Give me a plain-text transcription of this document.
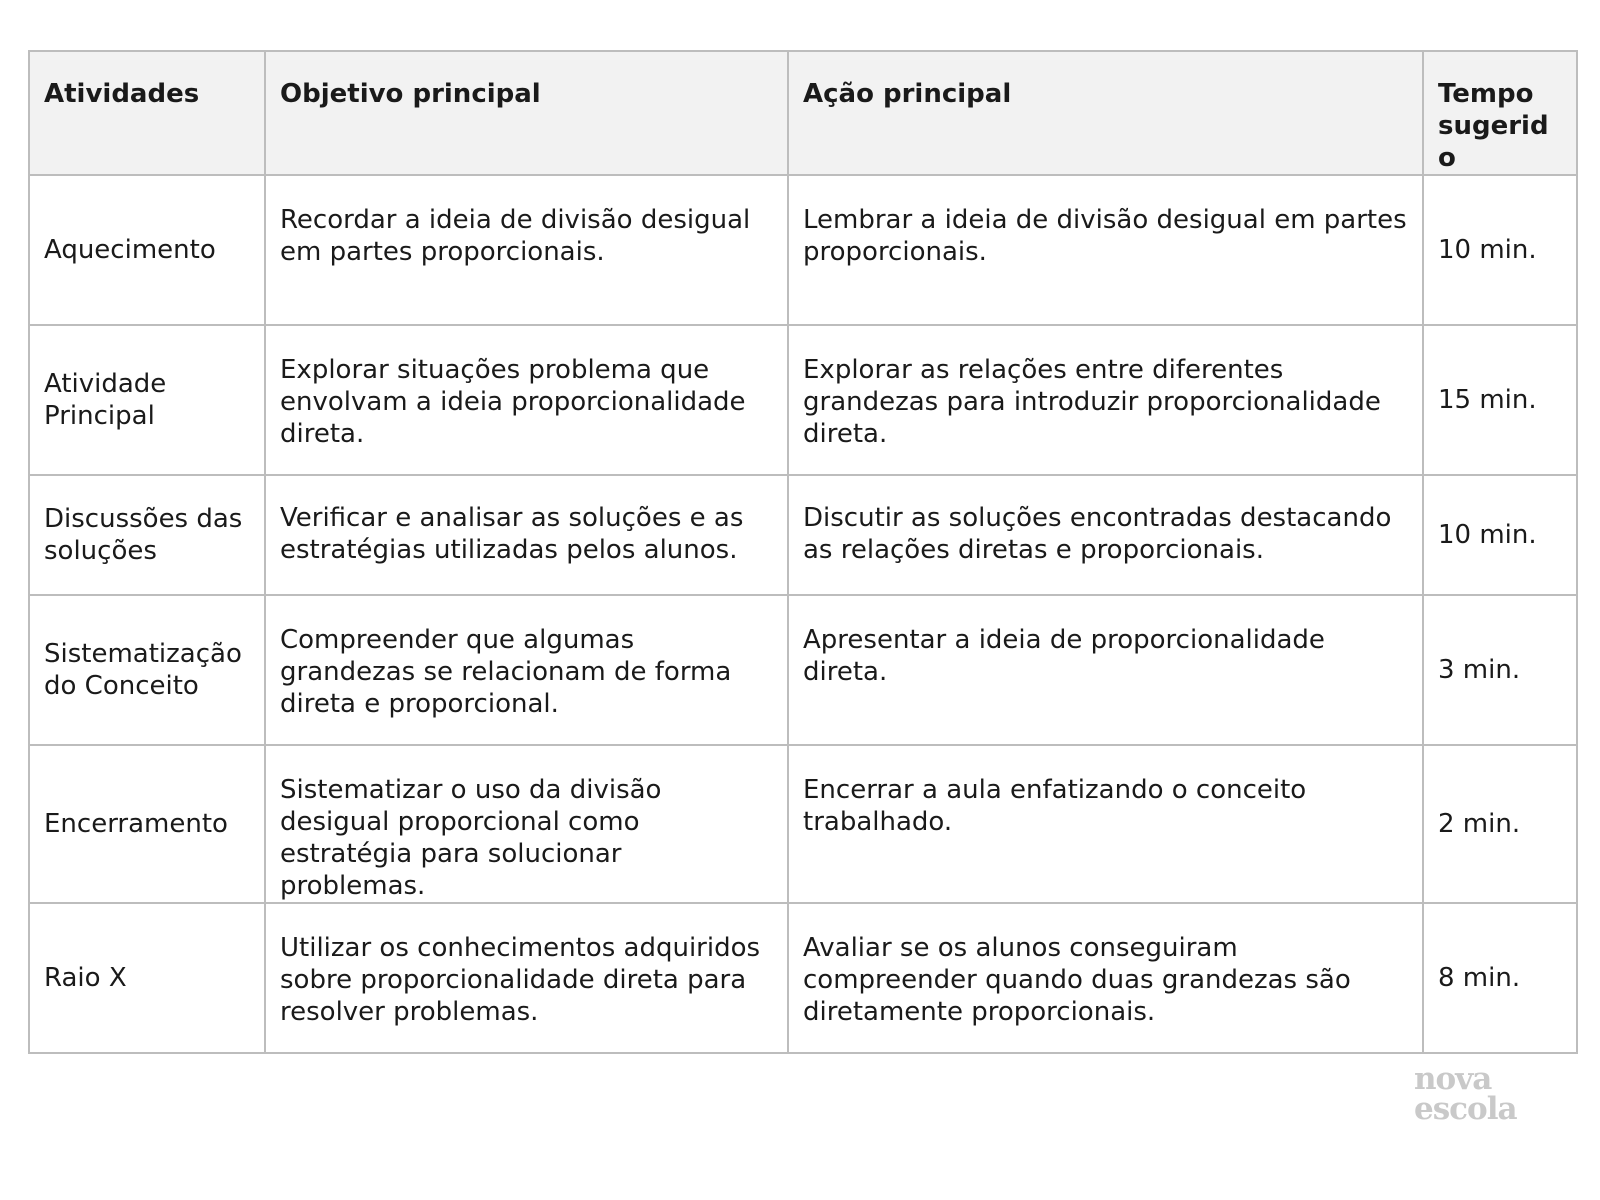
Atividades	Objetivo principal	Ação principal	Tempo sugerido
Aquecimento	Recordar a ideia de divisão desigual em partes proporcionais.	Lembrar a ideia de divisão desigual em partes proporcionais.	10 min.
Atividade Principal	Explorar situações problema que envolvam a ideia proporcionalidade direta.	Explorar as relações entre diferentes grandezas para introduzir proporcionalidade direta.	15 min.
Discussões das soluções	Verificar e analisar as soluções e as estratégias utilizadas pelos alunos.	Discutir as soluções encontradas destacando as relações diretas e proporcionais.	10 min.
Sistematização do Conceito	Compreender que algumas grandezas se relacionam de forma direta e proporcional.	Apresentar a ideia de proporcionalidade direta.	3 min.
Encerramento	Sistematizar o uso da divisão desigual proporcional como estratégia para solucionar problemas.	Encerrar a aula enfatizando o conceito trabalhado.	2 min.
Raio X	Utilizar os conhecimentos adquiridos sobre proporcionalidade direta para resolver problemas.	Avaliar se os alunos conseguiram compreender quando duas grandezas são diretamente proporcionais.	8 min.
nova
escola
